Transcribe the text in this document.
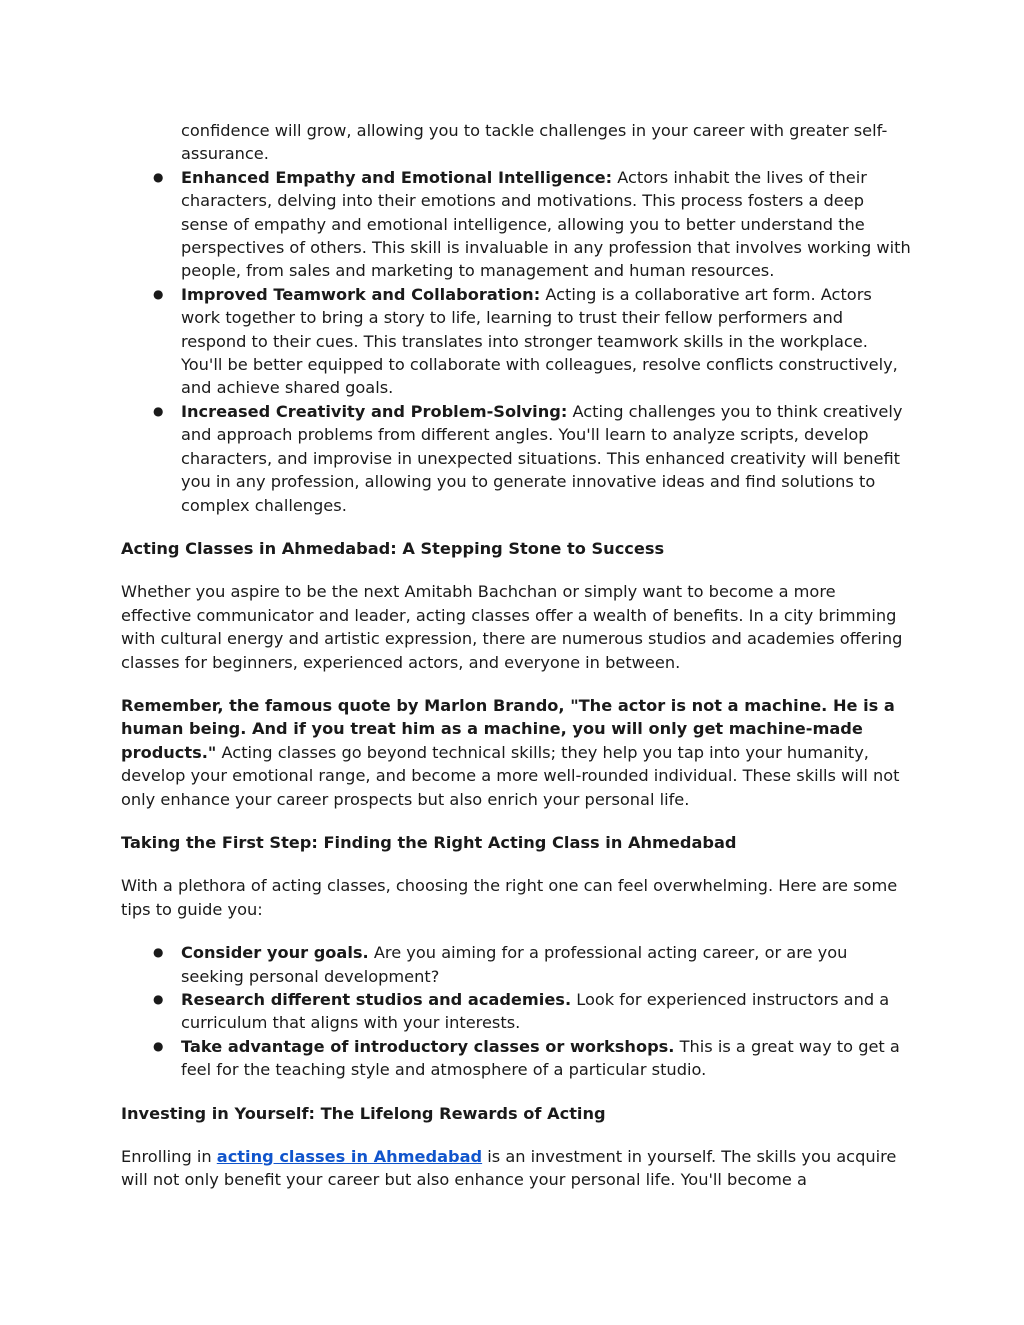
confidence will grow, allowing you to tackle challenges in your career with greater self-assurance.

● Enhanced Empathy and Emotional Intelligence: Actors inhabit the lives of their characters, delving into their emotions and motivations. This process fosters a deep sense of empathy and emotional intelligence, allowing you to better understand the perspectives of others. This skill is invaluable in any profession that involves working with people, from sales and marketing to management and human resources.
● Improved Teamwork and Collaboration: Acting is a collaborative art form. Actors work together to bring a story to life, learning to trust their fellow performers and respond to their cues. This translates into stronger teamwork skills in the workplace. You'll be better equipped to collaborate with colleagues, resolve conflicts constructively, and achieve shared goals.
● Increased Creativity and Problem-Solving: Acting challenges you to think creatively and approach problems from different angles. You'll learn to analyze scripts, develop characters, and improvise in unexpected situations. This enhanced creativity will benefit you in any profession, allowing you to generate innovative ideas and find solutions to complex challenges.

Acting Classes in Ahmedabad: A Stepping Stone to Success

Whether you aspire to be the next Amitabh Bachchan or simply want to become a more effective communicator and leader, acting classes offer a wealth of benefits. In a city brimming with cultural energy and artistic expression, there are numerous studios and academies offering classes for beginners, experienced actors, and everyone in between.

Remember, the famous quote by Marlon Brando, "The actor is not a machine. He is a human being. And if you treat him as a machine, you will only get machine-made products." Acting classes go beyond technical skills; they help you tap into your humanity, develop your emotional range, and become a more well-rounded individual. These skills will not only enhance your career prospects but also enrich your personal life.

Taking the First Step: Finding the Right Acting Class in Ahmedabad

With a plethora of acting classes, choosing the right one can feel overwhelming. Here are some tips to guide you:

● Consider your goals. Are you aiming for a professional acting career, or are you seeking personal development?
● Research different studios and academies. Look for experienced instructors and a curriculum that aligns with your interests.
● Take advantage of introductory classes or workshops. This is a great way to get a feel for the teaching style and atmosphere of a particular studio.

Investing in Yourself: The Lifelong Rewards of Acting

Enrolling in acting classes in Ahmedabad is an investment in yourself. The skills you acquire will not only benefit your career but also enhance your personal life. You'll become a
